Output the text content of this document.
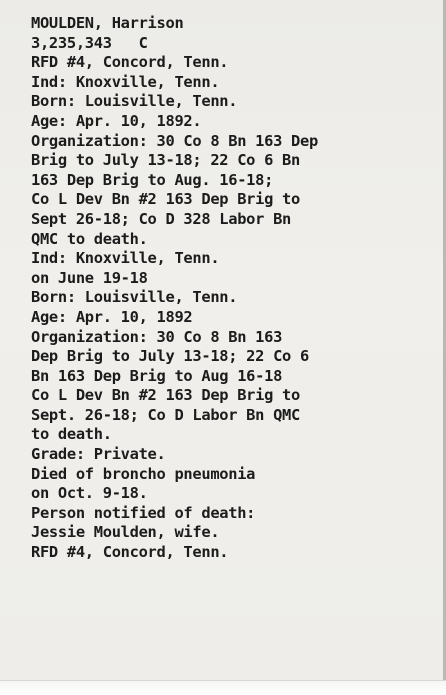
MOULDEN, Harrison
3,235,343   C
RFD #4, Concord, Tenn.
Ind: Knoxville, Tenn.
Born: Louisville, Tenn.
Age: Apr. 10, 1892.
Organization: 30 Co 8 Bn 163 Dep
Brig to July 13-18; 22 Co 6 Bn
163 Dep Brig to Aug. 16-18;
Co L Dev Bn #2 163 Dep Brig to
Sept 26-18; Co D 328 Labor Bn
QMC to death.
Ind: Knoxville, Tenn.
on June 19-18
Born: Louisville, Tenn.
Age: Apr. 10, 1892
Organization: 30 Co 8 Bn 163
Dep Brig to July 13-18; 22 Co 6
Bn 163 Dep Brig to Aug 16-18
Co L Dev Bn #2 163 Dep Brig to
Sept. 26-18; Co D Labor Bn QMC
to death.
Grade: Private.
Died of broncho pneumonia
on Oct. 9-18.
Person notified of death:
Jessie Moulden, wife.
RFD #4, Concord, Tenn.
